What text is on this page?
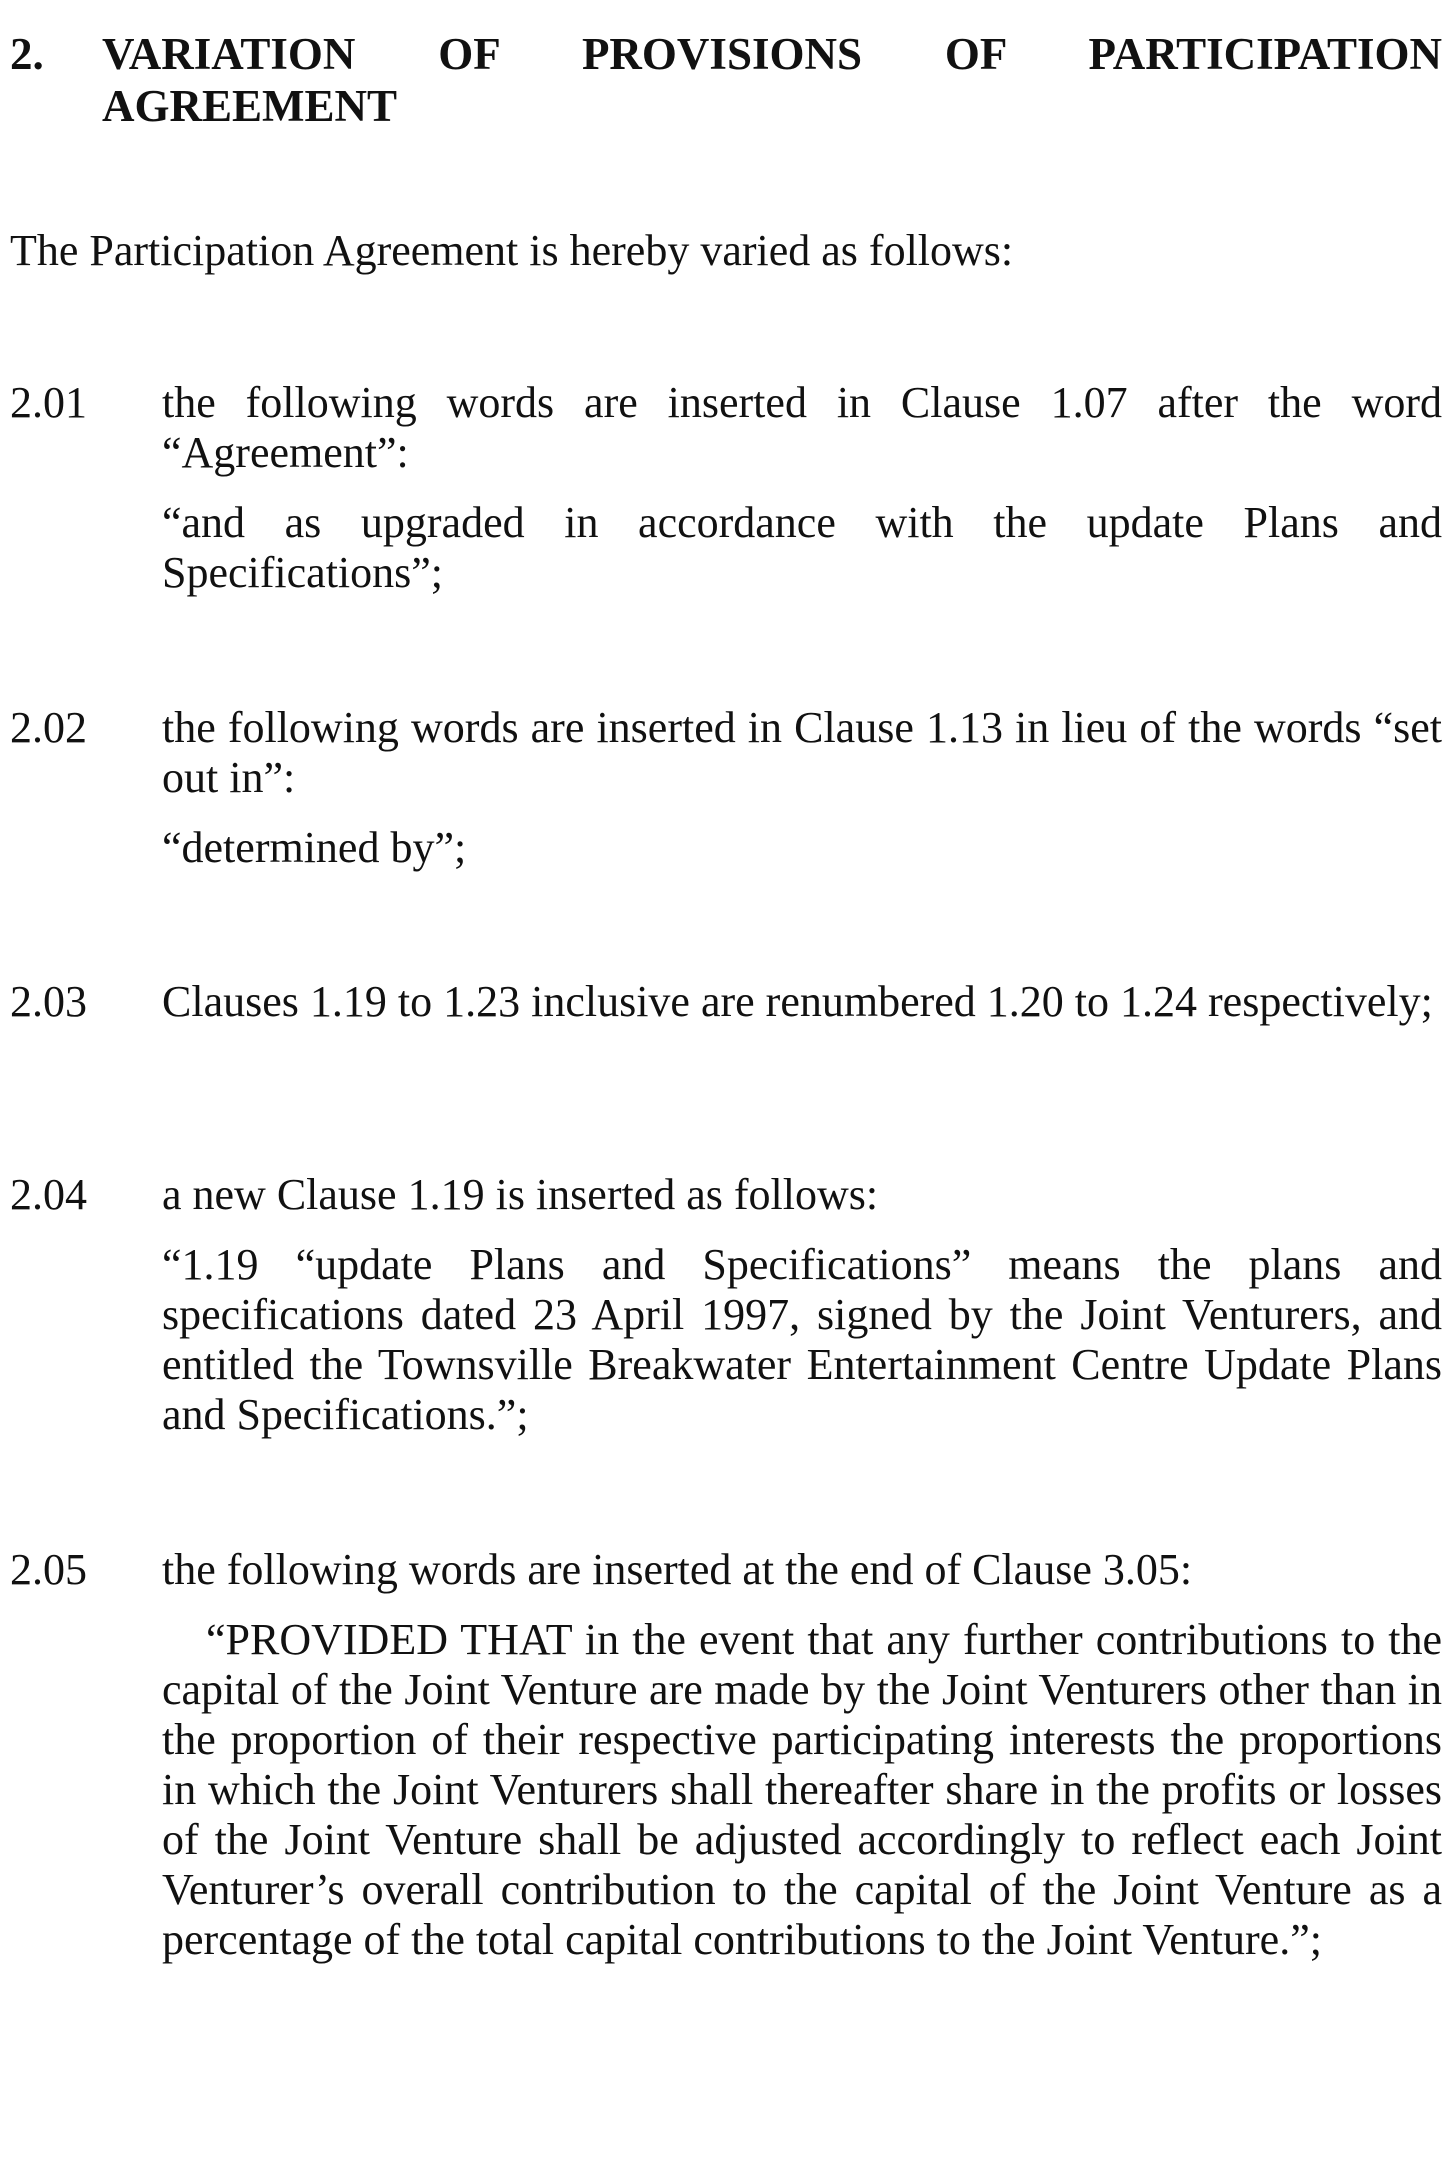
2. VARIATION OF PROVISIONS OF PARTICIPATION AGREEMENT
The Participation Agreement is hereby varied as follows:
2.01 the following words are inserted in Clause 1.07 after the word “Agreement”:

“and as upgraded in accordance with the update Plans and Specifications”;

2.02 the following words are inserted in Clause 1.13 in lieu of the words “set out in”:

“determined by”;

2.03 Clauses 1.19 to 1.23 inclusive are renumbered 1.20 to 1.24 respectively;

2.04 a new Clause 1.19 is inserted as follows:

“1.19 “update Plans and Specifications” means the plans and specifications dated 23 April 1997, signed by the Joint Venturers, and entitled the Townsville Breakwater Entertainment Centre Update Plans and Specifications.”;

2.05 the following words are inserted at the end of Clause 3.05:

“PROVIDED THAT in the event that any further contributions to the capital of the Joint Venture are made by the Joint Venturers other than in the proportion of their respective participating interests the proportions in which the Joint Venturers shall thereafter share in the profits or losses of the Joint Venture shall be adjusted accordingly to reflect each Joint Venturer’s overall contribution to the capital of the Joint Venture as a percentage of the total capital contributions to the Joint Venture.”;
